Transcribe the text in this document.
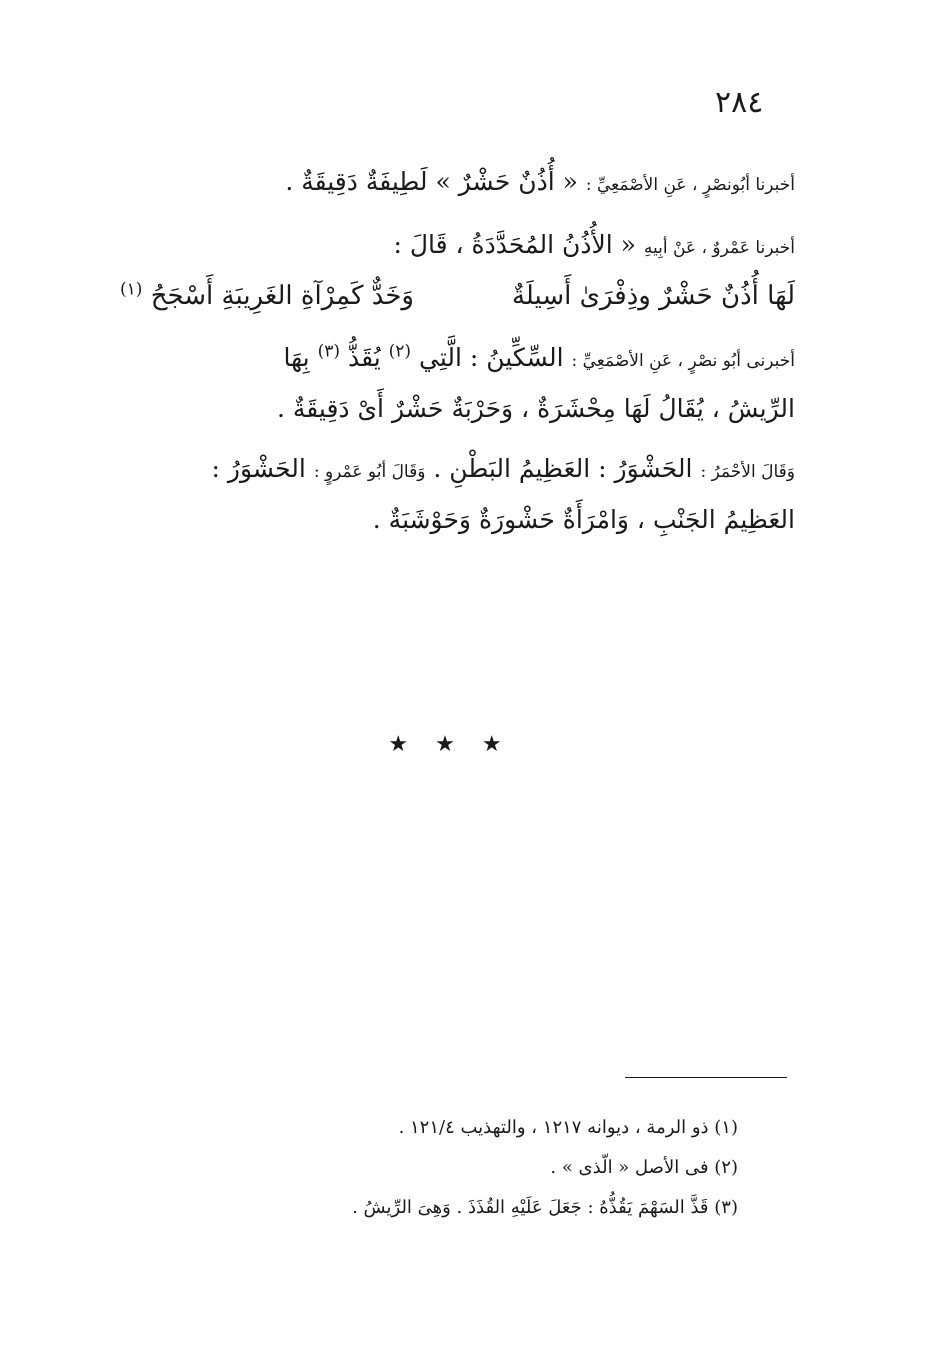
٢٨٤

أخبرنا أبُونصْرٍ ، عَنِ الأصْمَعِيِّ : « أُذُنٌ حَشْرٌ » لَطِيفَةٌ دَقِيقَةٌ .

أخبرنا عَمْروٌ ، عَنْ أبِيهِ « الأُذُنُ المُحَدَّدَةُ ، قَالَ :

لَهَا أُذُنٌ حَشْرٌ وذِفْرَىٰ أَسِيلَةٌ
وَخَدٌّ كَمِرْآةِ الغَرِيبَةِ أَسْجَحُ $^{(١)}$

أخبرنى أبُو نصْرٍ ، عَنِ الأصْمَعِيِّ : السِّكِّينُ : الَّتِي $^{(٢)}$ يُقَذُّ $^{(٣)}$ بِهَا
الرِّيشُ ، يُقَالُ لَهَا مِحْشَرَةٌ ، وَحَرْبَةٌ حَشْرٌ أَىْ دَقِيقَةٌ .

وَقَالَ الأحْمَرُ : الحَشْوَرُ : العَظِيمُ البَطْنِ . وَقَالَ أبُو عَمْروٍ : الحَشْوَرُ :
العَظِيمُ الجَنْبِ ، وَامْرَأَةٌ حَشْورَةٌ وَحَوْشَبَةٌ .

★ ★ ★
(١) ذو الرمة ، ديوانه ١٢١٧ ، والتهذيب ١٢١/٤ .
(٢) فى الأصل « الّذى » .
(٣) قَذَّ السَهْمَ يَقُذُّهُ : جَعَلَ عَلَيْهِ القُذَذَ . وَهِىَ الرِّيشُ .
